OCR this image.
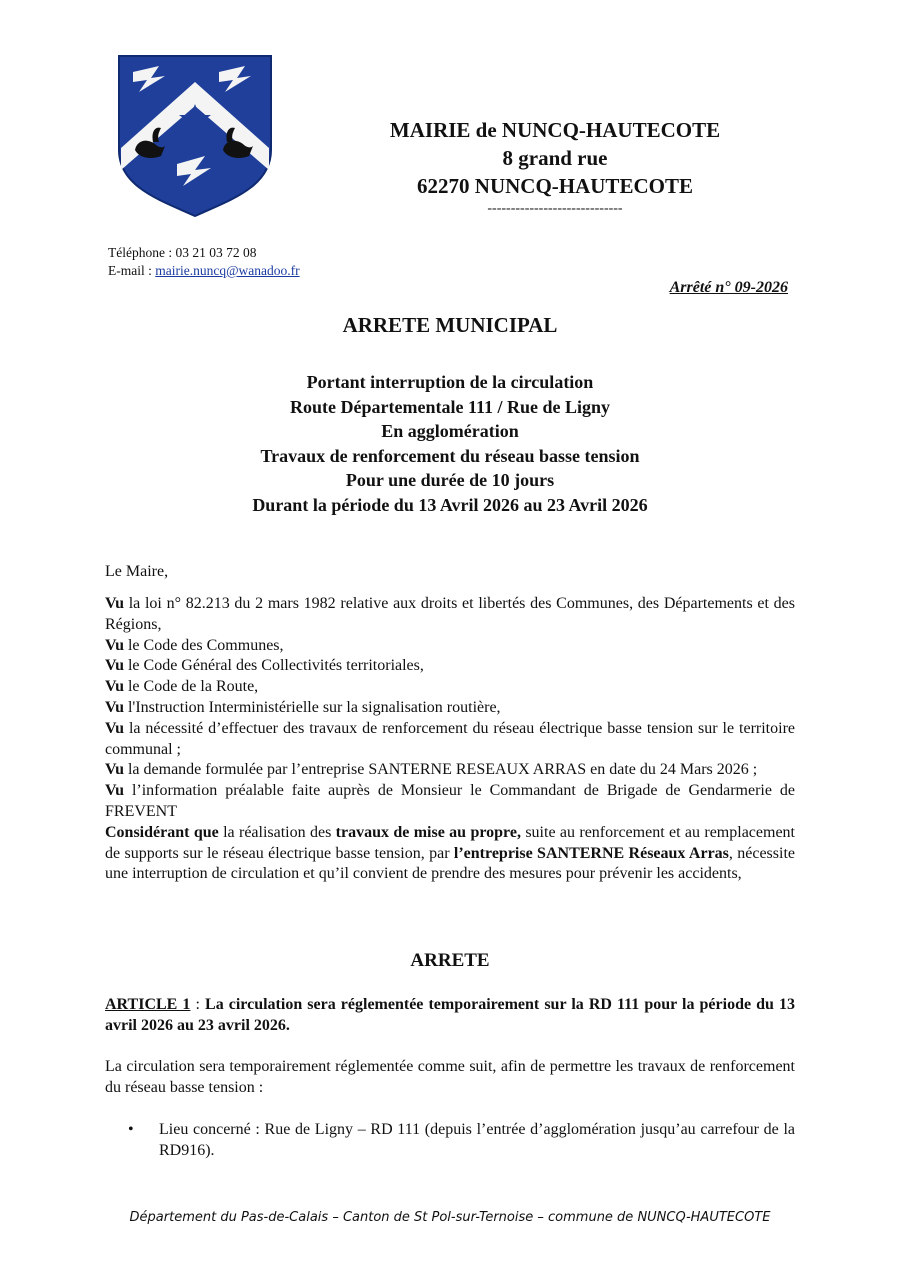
MAIRIE de NUNCQ-HAUTECOTE
8 grand rue
62270 NUNCQ-HAUTECOTE
-----------------------------
Téléphone : 03 21 03 72 08
E-mail : mairie.nuncq@wanadoo.fr
Arrêté n° 09-2026
ARRETE MUNICIPAL
Portant interruption de la circulation
Route Départementale 111 / Rue de Ligny
En agglomération
Travaux de renforcement du réseau basse tension
Pour une durée de 10 jours
Durant la période du 13 Avril 2026 au 23 Avril 2026
Le Maire,

Vu la loi n° 82.213 du 2 mars 1982 relative aux droits et libertés des Communes, des Départements et des Régions,

Vu le Code des Communes,

Vu le Code Général des Collectivités territoriales,

Vu le Code de la Route,

Vu l'Instruction Interministérielle sur la signalisation routière,

Vu la nécessité d’effectuer des travaux de renforcement du réseau électrique basse tension sur le territoire communal ;

Vu la demande formulée par l’entreprise SANTERNE RESEAUX ARRAS en date du 24 Mars 2026 ;

Vu l’information préalable faite auprès de Monsieur le Commandant de Brigade de Gendarmerie de FREVENT

Considérant que la réalisation des travaux de mise au propre, suite au renforcement et au remplacement de supports sur le réseau électrique basse tension, par l’entreprise SANTERNE Réseaux Arras, nécessite une interruption de circulation et qu’il convient de prendre des mesures pour prévenir les accidents,

ARRETE

ARTICLE 1 : La circulation sera réglementée temporairement sur la RD 111 pour la période du 13 avril 2026 au 23 avril 2026.

La circulation sera temporairement réglementée comme suit, afin de permettre les travaux de renforcement du réseau basse tension :
• Lieu concerné : Rue de Ligny – RD 111 (depuis l’entrée d’agglomération jusqu’au carrefour de la RD916).
Département du Pas-de-Calais – Canton de St Pol-sur-Ternoise – commune de NUNCQ-HAUTECOTE
